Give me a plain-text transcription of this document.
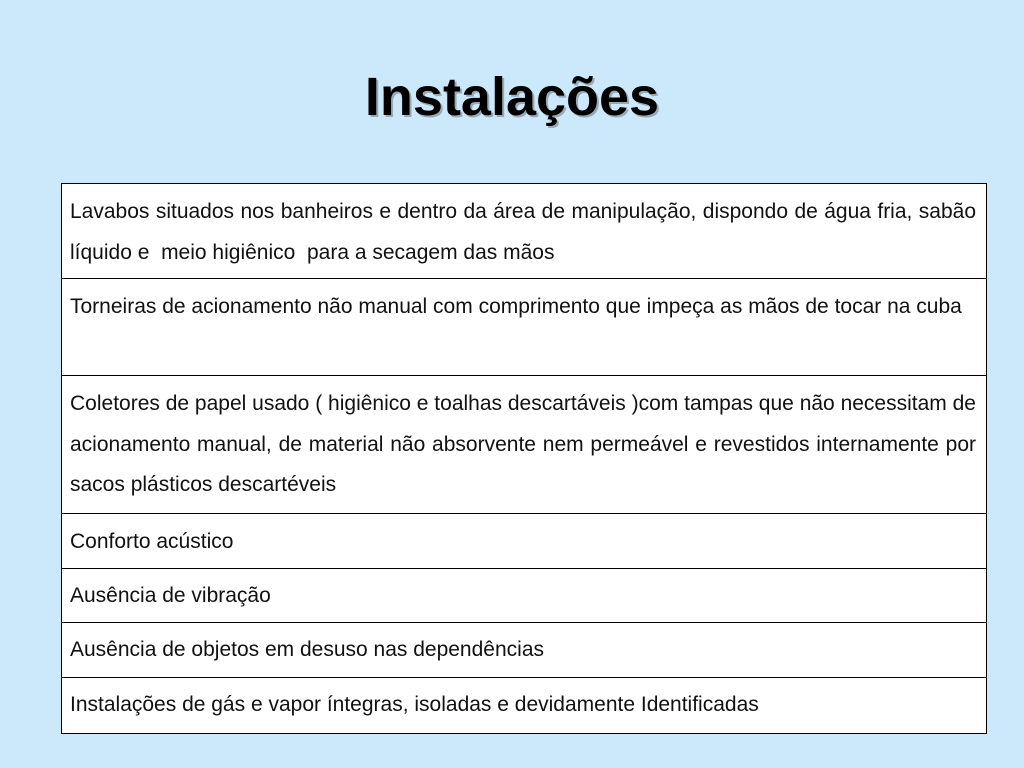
Instalações

Lavabos situados nos banheiros e dentro da área de manipulação, dispondo de água fria, sabão líquido e  meio higiênico  para a secagem das mãos

Torneiras de acionamento não manual com comprimento que impeça as mãos de tocar na cuba

Coletores de papel usado ( higiênico e toalhas descartáveis )com tampas que não necessitam de acionamento manual, de material não absorvente nem permeável e revestidos internamente por sacos plásticos descartéveis

Conforto acústico

Ausência de vibração

Ausência de objetos em desuso nas dependências

Instalações de gás e vapor íntegras, isoladas e devidamente Identificadas
